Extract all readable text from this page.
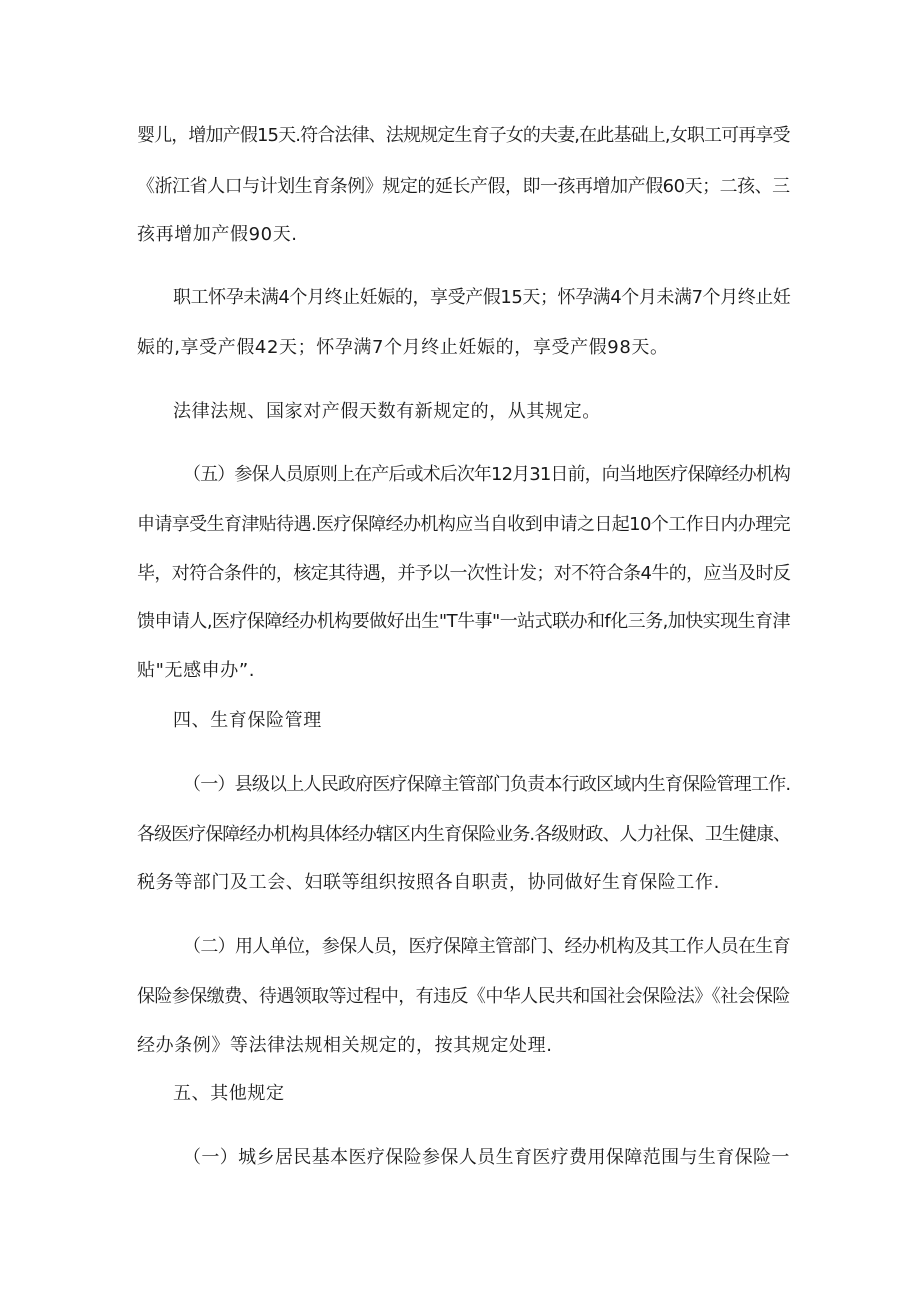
婴儿，增加产假15天.符合法律、法规规定生育子女的夫妻,在此基础上,女职工可再享受
《浙江省人口与计划生育条例》规定的延长产假，即一孩再增加产假60天；二孩、三
孩再增加产假90天.
职工怀孕未满4个月终止妊娠的，享受产假15天；怀孕满4个月未满7个月终止妊
娠的,享受产假42天；怀孕满7个月终止妊娠的，享受产假98天。
法律法规、国家对产假天数有新规定的，从其规定。
（五）参保人员原则上在产后或术后次年12月31日前，向当地医疗保障经办机构
申请享受生育津贴待遇.医疗保障经办机构应当自收到申请之日起10个工作日内办理完
毕，对符合条件的，核定其待遇，并予以一次性计发；对不符合条4牛的，应当及时反
馈申请人,医疗保障经办机构要做好出生"T牛事"一站式联办和f化三务,加快实现生育津
贴"无感申办”.
四、生育保险管理
（一）县级以上人民政府医疗保障主管部门负责本行政区域内生育保险管理工作.
各级医疗保障经办机构具体经办辖区内生育保险业务.各级财政、人力社保、卫生健康、
税务等部门及工会、妇联等组织按照各自职责，协同做好生育保险工作.
（二）用人单位，参保人员，医疗保障主管部门、经办机构及其工作人员在生育
保险参保缴费、待遇领取等过程中，有违反《中华人民共和国社会保险法》《社会保险
经办条例》等法律法规相关规定的，按其规定处理.
五、其他规定
（一）城乡居民基本医疗保险参保人员生育医疗费用保障范围与生育保险一
